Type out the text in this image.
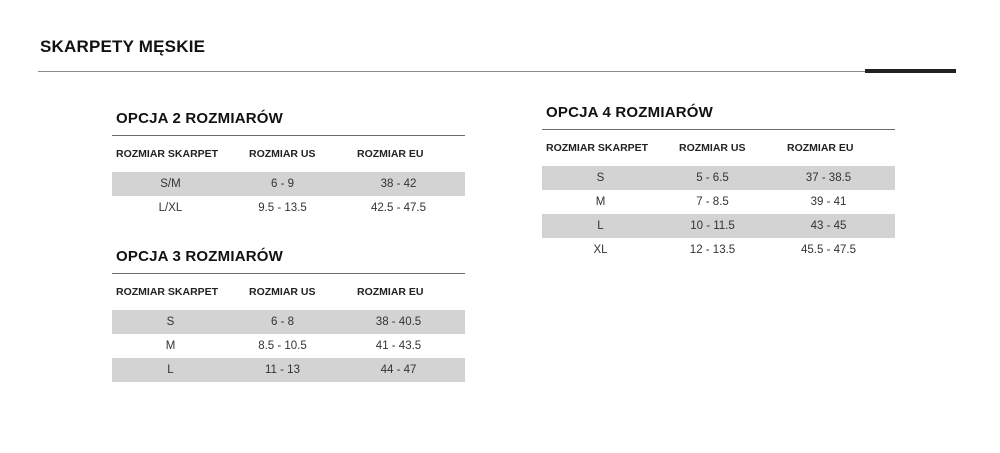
SKARPETY MĘSKIE
OPCJA 2 ROZMIARÓW
ROZMIAR SKARPET	ROZMIAR US	ROZMIAR EU
S/M	6 - 9	38 - 42
L/XL	9.5 - 13.5	42.5 - 47.5
OPCJA 3 ROZMIARÓW
ROZMIAR SKARPET	ROZMIAR US	ROZMIAR EU
S	6 - 8	38 - 40.5
M	8.5 - 10.5	41 - 43.5
L	11 - 13	44 - 47
OPCJA 4 ROZMIARÓW
ROZMIAR SKARPET	ROZMIAR US	ROZMIAR EU
S	5 - 6.5	37 - 38.5
M	7 - 8.5	39 - 41
L	10 - 11.5	43 - 45
XL	12 - 13.5	45.5 - 47.5
